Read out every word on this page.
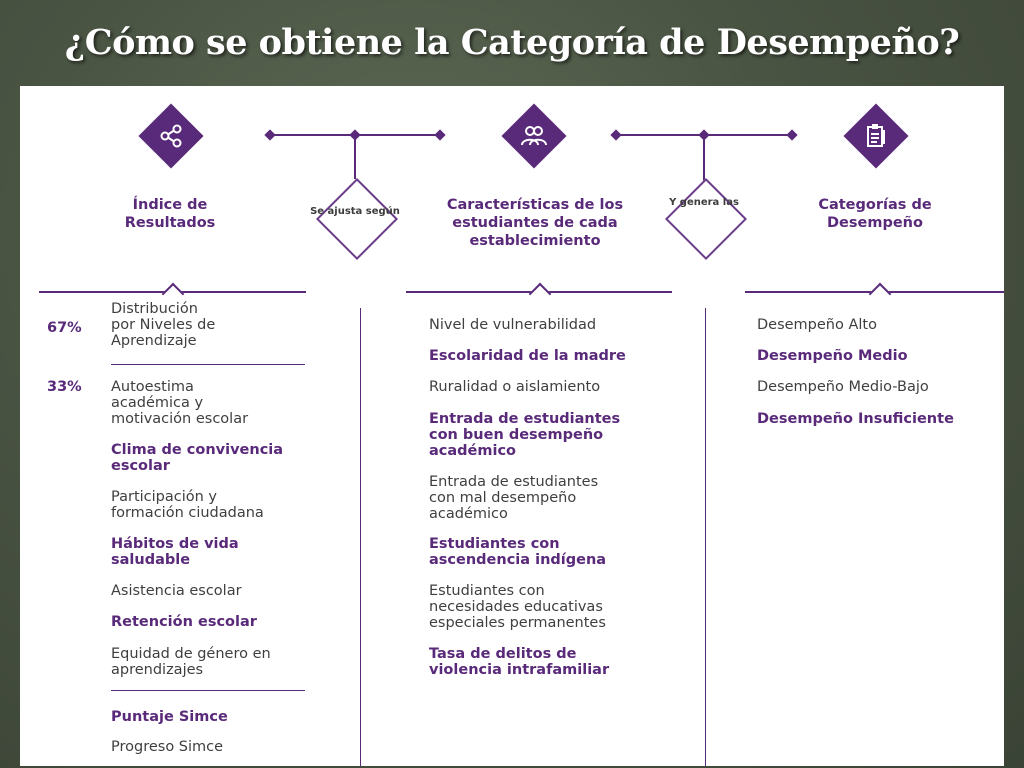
¿Cómo se obtiene la Categoría de Desempeño?
Se ajusta según
Y genera las
Índice de
Resultados
Características de los
estudiantes de cada
establecimiento
Categorías de
Desempeño
67%
Distribución
por Niveles de
Aprendizaje
33% Autoestima
académica y
motivación escolar
Clima de convivencia
escolar
Participación y
formación ciudadana
Hábitos de vida
saludable
Asistencia escolar
Retención escolar
Equidad de género en
aprendizajes
Puntaje Simce
Progreso Simce
Nivel de vulnerabilidad
Escolaridad de la madre
Ruralidad o aislamiento
Entrada de estudiantes
con buen desempeño
académico
Entrada de estudiantes
con mal desempeño
académico
Estudiantes con
ascendencia indígena
Estudiantes con
necesidades educativas
especiales permanentes
Tasa de delitos de
violencia intrafamiliar
Desempeño Alto
Desempeño Medio
Desempeño Medio-Bajo
Desempeño Insuficiente
